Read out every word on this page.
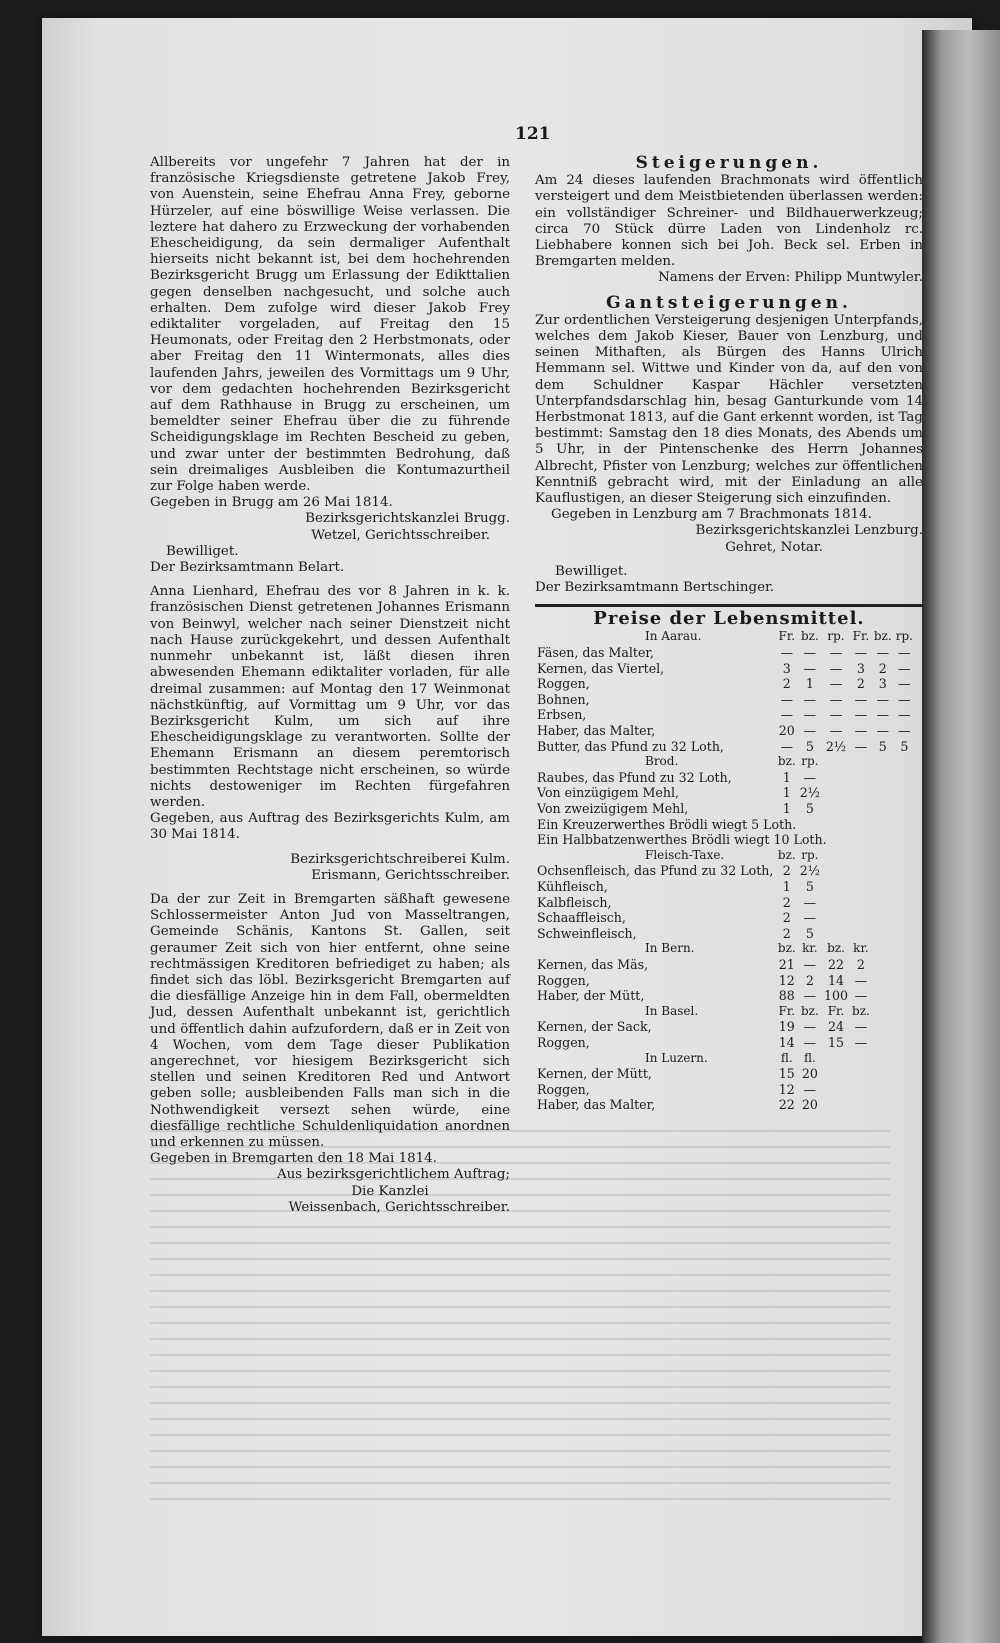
121

Allbereits vor ungefehr 7 Jahren hat der in französische Kriegsdienste getretene Jakob Frey, von Auenstein, seine Ehefrau Anna Frey, geborne Hürzeler, auf eine böswillige Weise verlassen. Die leztere hat dahero zu Erzweckung der vorhabenden Ehescheidigung, da sein dermaliger Aufenthalt hierseits nicht bekannt ist, bei dem hochehrenden Bezirksgericht Brugg um Erlassung der Edikttalien gegen denselben nachgesucht, und solche auch erhalten. Dem zufolge wird dieser Jakob Frey ediktaliter vorgeladen, auf Freitag den 15 Heumonats, oder Freitag den 2 Herbstmonats, oder aber Freitag den 11 Wintermonats, alles dies laufenden Jahrs, jeweilen des Vormittags um 9 Uhr, vor dem gedachten hochehrenden Bezirksgericht auf dem Rathhause in Brugg zu erscheinen, um bemeldter seiner Ehefrau über die zu führende Scheidigungsklage im Rechten Bescheid zu geben, und zwar unter der bestimmten Bedrohung, daß sein dreimaliges Ausbleiben die Kontumazurtheil zur Folge haben werde.

Gegeben in Brugg am 26 Mai 1814.

Bezirksgerichtskanzlei Brugg.

Wetzel, Gerichtsschreiber.

Bewilliget.

Der Bezirksamtmann Belart.

Anna Lienhard, Ehefrau des vor 8 Jahren in k. k. französischen Dienst getretenen Johannes Erismann von Beinwyl, welcher nach seiner Dienstzeit nicht nach Hause zurückgekehrt, und dessen Aufenthalt nunmehr unbekannt ist, läßt diesen ihren abwesenden Ehemann ediktaliter vorladen, für alle dreimal zusammen: auf Montag den 17 Weinmonat nächstkünftig, auf Vormittag um 9 Uhr, vor das Bezirksgericht Kulm, um sich auf ihre Ehescheidigungsklage zu verantworten. Sollte der Ehemann Erismann an diesem peremtorisch bestimmten Rechtstage nicht erscheinen, so würde nichts destoweniger im Rechten fürgefahren werden.

Gegeben, aus Auftrag des Bezirksgerichts Kulm, am 30 Mai 1814.

Bezirksgerichtschreiberei Kulm.

Erismann, Gerichtsschreiber.

Da der zur Zeit in Bremgarten säßhaft gewesene Schlossermeister Anton Jud von Masseltrangen, Gemeinde Schänis, Kantons St. Gallen, seit geraumer Zeit sich von hier entfernt, ohne seine rechtmässigen Kreditoren befriediget zu haben; als findet sich das löbl. Bezirksgericht Bremgarten auf die diesfällige Anzeige hin in dem Fall, obermeldten Jud, dessen Aufenthalt unbekannt ist, gerichtlich und öffentlich dahin aufzufordern, daß er in Zeit von 4 Wochen, vom dem Tage dieser Publikation angerechnet, vor hiesigem Bezirksgericht sich stellen und seinen Kreditoren Red und Antwort geben solle; ausbleibenden Falls man sich in die Nothwendigkeit versezt sehen würde, eine diesfällige rechtliche Schuldenliquidation anordnen und erkennen zu müssen.

Gegeben in Bremgarten den 18 Mai 1814.

Aus bezirksgerichtlichem Auftrag;

Die Kanzlei

Weissenbach, Gerichtsschreiber.

Steigerungen.

Am 24 dieses laufenden Brachmonats wird öffentlich versteigert und dem Meistbietenden überlassen werden: ein vollständiger Schreiner- und Bildhauerwerkzeug; circa 70 Stück dürre Laden von Lindenholz rc. Liebhabere konnen sich bei Joh. Beck sel. Erben in Bremgarten melden.

Namens der Erven: Philipp Muntwyler.

Gantsteigerungen.

Zur ordentlichen Versteigerung desjenigen Unterpfands, welches dem Jakob Kieser, Bauer von Lenzburg, und seinen Mithaften, als Bürgen des Hanns Ulrich Hemmann sel. Wittwe und Kinder von da, auf den von dem Schuldner Kaspar Hächler versetzten Unterpfandsdarschlag hin, besag Ganturkunde vom 14 Herbstmonat 1813, auf die Gant erkennt worden, ist Tag bestimmt: Samstag den 18 dies Monats, des Abends um 5 Uhr, in der Pintenschenke des Herrn Johannes Albrecht, Pfister von Lenzburg; welches zur öffentlichen Kenntniß gebracht wird, mit der Einladung an alle Kauflustigen, an dieser Steigerung sich einzufinden.

Gegeben in Lenzburg am 7 Brachmonats 1814.

Bezirksgerichtskanzlei Lenzburg.

Gehret, Notar.

Bewilliget.

Der Bezirksamtmann Bertschinger.

Preise der Lebensmittel.
In Aarau.	Fr.	bz.	rp.	Fr.	bz.	rp.
Fäsen, das Malter,	—	—	—	—	—	—
Kernen, das Viertel,	3	—	—	3	2	—
Roggen,	2	1	—	2	3	—
Bohnen,	—	—	—	—	—	—
Erbsen,	—	—	—	—	—	—
Haber, das Malter,	20	—	—	—	—	—
Butter, das Pfund zu 32 Loth,	—	5	2½	—	5	5
Brod.	bz.	rp.				
Raubes, das Pfund zu 32 Loth,	1	—				
Von einzügigem Mehl,	1	2½				
Von zweizügigem Mehl,	1	5				
Ein Kreuzerwerthes Brödli wiegt 5 Loth.						
Ein Halbbatzenwerthes Brödli wiegt 10 Loth.						
Fleisch-Taxe.	bz.	rp.				
Ochsenfleisch, das Pfund zu 32 Loth,	2	2½				
Kühfleisch,	1	5				
Kalbfleisch,	2	—				
Schaaffleisch,	2	—				
Schweinfleisch,	2	5				
In Bern.	bz.	kr.	bz.	kr.		
Kernen, das Mäs,	21	—	22	2		
Roggen,	12	2	14	—		
Haber, der Mütt,	88	—	100	—		
In Basel.	Fr.	bz.	Fr.	bz.		
Kernen, der Sack,	19	—	24	—		
Roggen,	14	—	15	—		
In Luzern.	fl.	fl.				
Kernen, der Mütt,	15	20				
Roggen,	12	—				
Haber, das Malter,	22	20				
